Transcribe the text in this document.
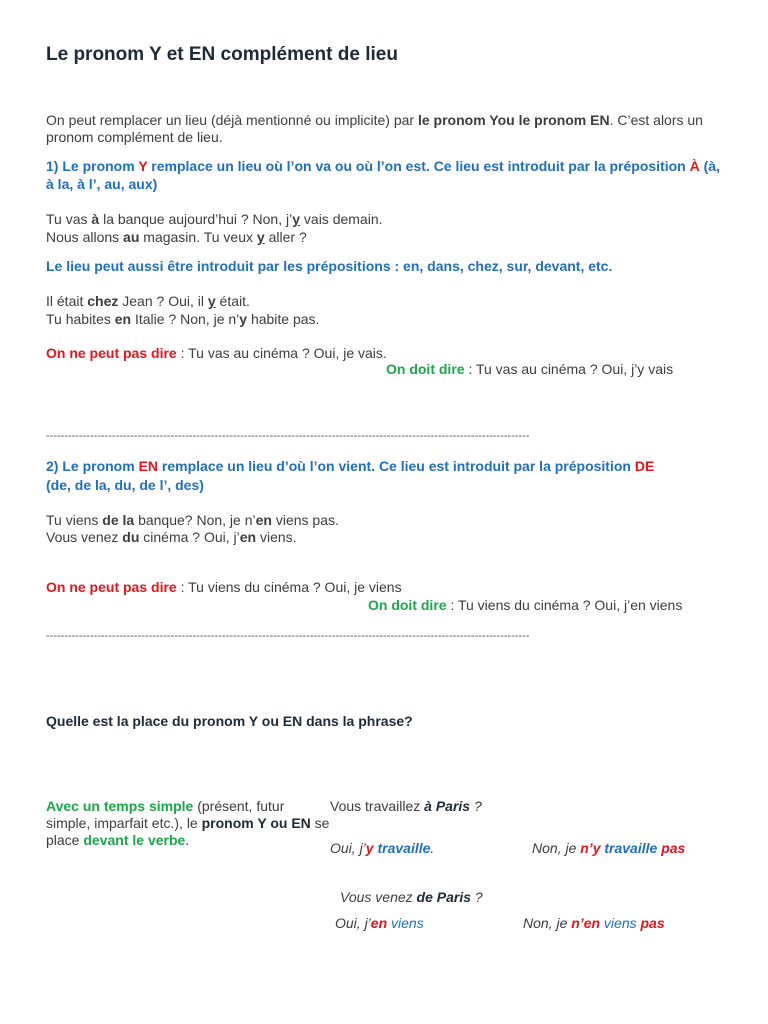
Le pronom Y et EN complément de lieu
On peut remplacer un lieu (déjà mentionné ou implicite) par le pronom You le pronom EN. C’est alors un pronom complément de lieu.
1) Le pronom Y remplace un lieu où l’on va ou où l’on est. Ce lieu est introduit par la préposition À (à, à la, à l’, au, aux)
Tu vas à la banque aujourd’hui ? Non, j’y vais demain.
Nous allons au magasin. Tu veux y aller ?
Le lieu peut aussi être introduit par les prépositions : en, dans, chez, sur, devant, etc.
Il était chez Jean ? Oui, il y était.
Tu habites en Italie ? Non, je n’y habite pas.
On ne peut pas dire : Tu vas au cinéma ? Oui, je vais.
On doit dire : Tu vas au cinéma ? Oui, j’y vais
------------------------------------------------------------------------------------------------------------------------------------
2) Le pronom EN remplace un lieu d’où l’on vient. Ce lieu est introduit par la préposition DE
(de, de la, du, de l’, des)
Tu viens de la banque? Non, je n’en viens pas.
Vous venez du cinéma ? Oui, j’en viens.
On ne peut pas dire : Tu viens du cinéma ? Oui, je viens
On doit dire : Tu viens du cinéma ? Oui, j’en viens
------------------------------------------------------------------------------------------------------------------------------------
Quelle est la place du pronom Y ou EN dans la phrase?
Avec un temps simple (présent, futur simple, imparfait etc.), le pronom Y ou EN se place devant le verbe.
Vous travaillez à Paris ?
Oui, j’y travaille.	Non, je n’y travaille pas
Vous venez de Paris ?
Oui, j’en viens	Non, je n’en viens pas
